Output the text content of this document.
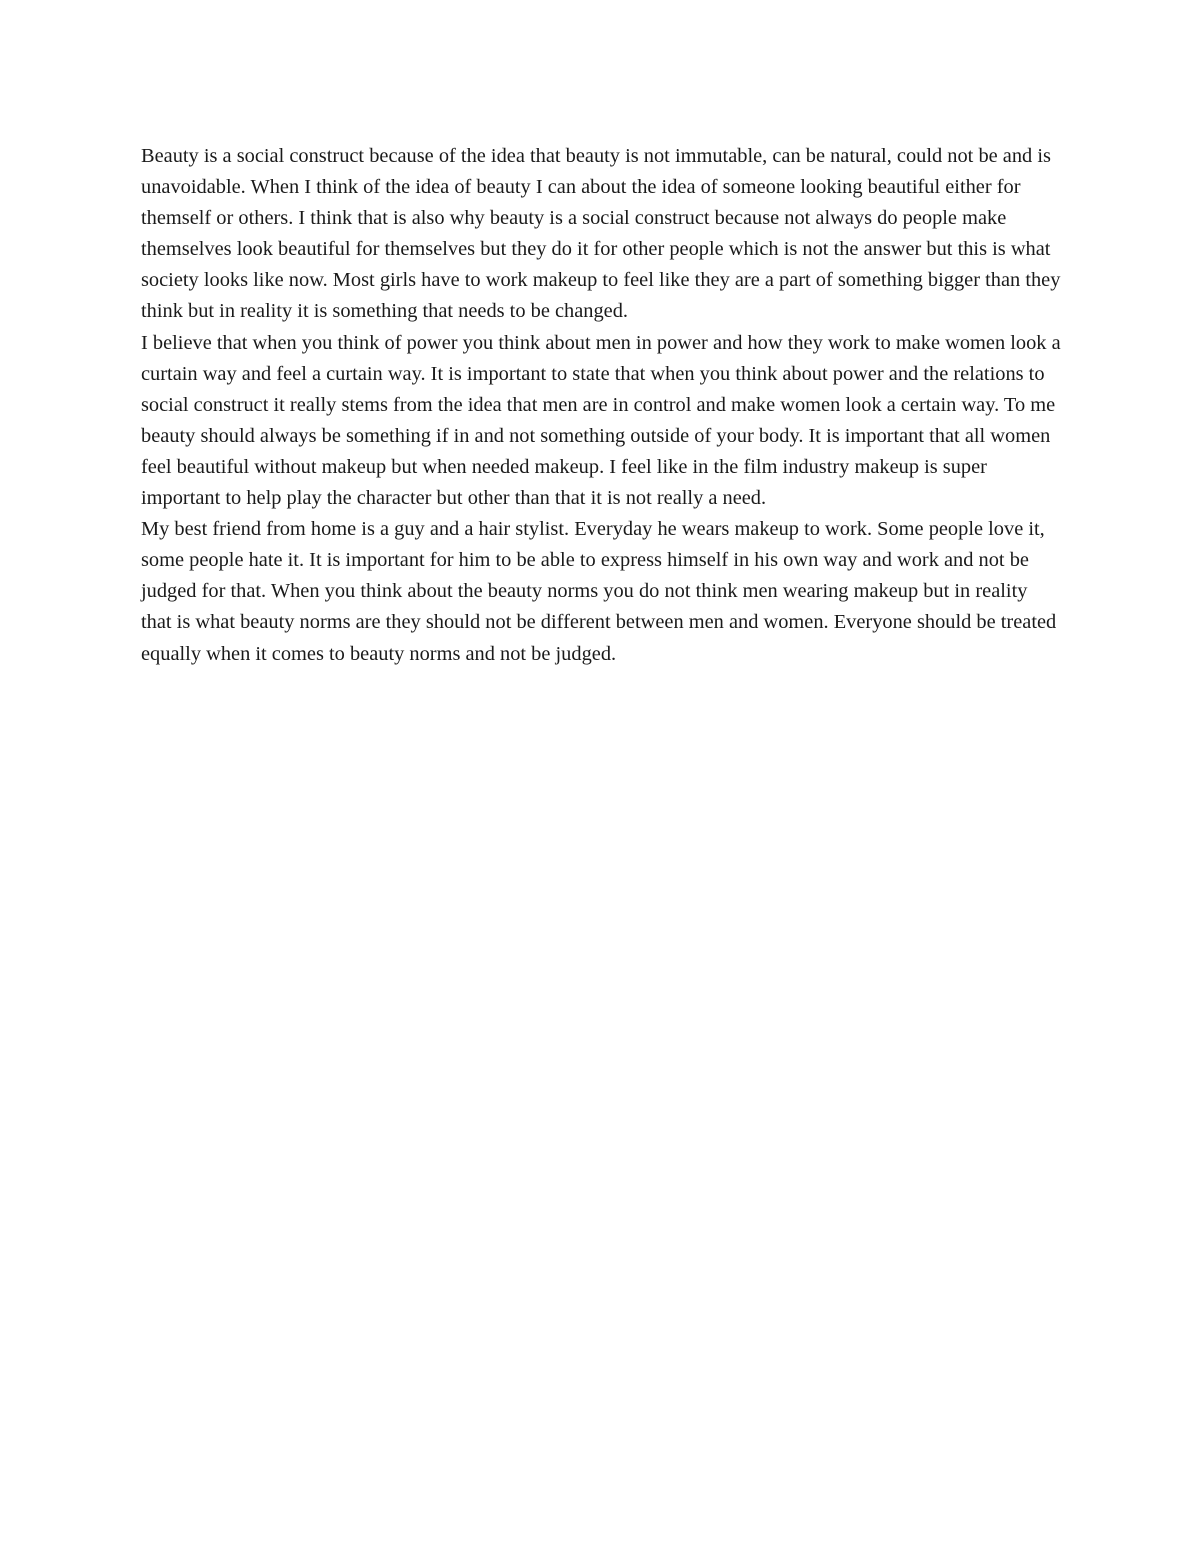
Beauty is a social construct because of the idea that beauty is not immutable, can be natural, could not be and is unavoidable. When I think of the idea of beauty I can about the idea of someone looking beautiful either for themself or others. I think that is also why beauty is a social construct because not always do people make themselves look beautiful for themselves but they do it for other people which is not the answer but this is what society looks like now. Most girls have to work makeup to feel like they are a part of something bigger than they think but in reality it is something that needs to be changed.

I believe that when you think of power you think about men in power and how they work to make women look a curtain way and feel a curtain way. It is important to state that when you think about power and the relations to social construct it really stems from the idea that men are in control and make women look a certain way. To me beauty should always be something if in and not something outside of your body. It is important that all women feel beautiful without makeup but when needed makeup. I feel like in the film industry makeup is super important to help play the character but other than that it is not really a need.

My best friend from home is a guy and a hair stylist. Everyday he wears makeup to work. Some people love it, some people hate it. It is important for him to be able to express himself in his own way and work and not be judged for that. When you think about the beauty norms you do not think men wearing makeup but in reality that is what beauty norms are they should not be different between men and women. Everyone should be treated equally when it comes to beauty norms and not be judged.
